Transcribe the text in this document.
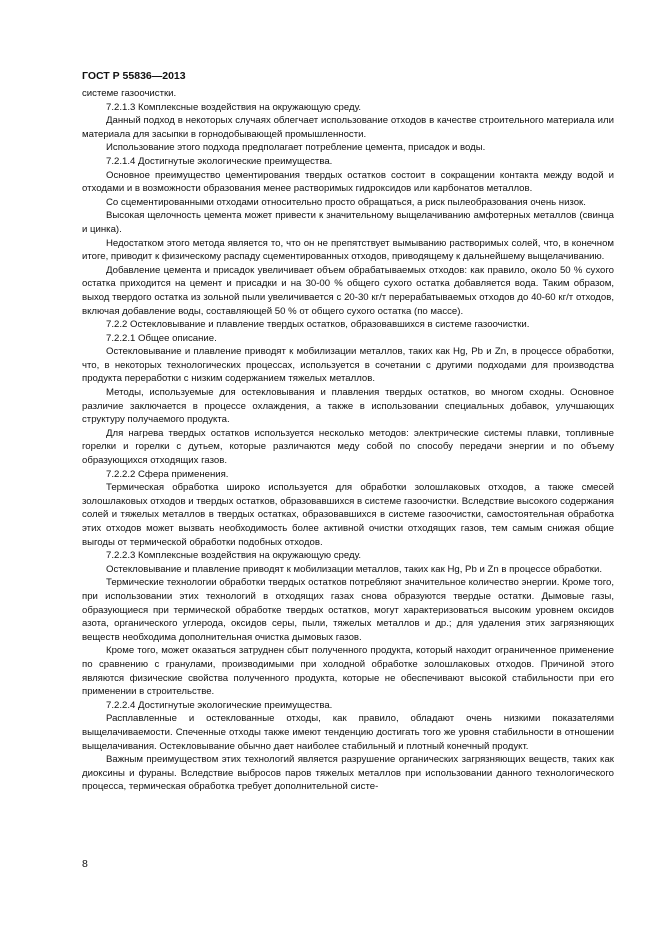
ГОСТ Р 55836—2013

системе газоочистки.

7.2.1.3 Комплексные воздействия на окружающую среду.

Данный подход в некоторых случаях облегчает использование отходов в качестве строительного материала или материала для засыпки в горнодобывающей промышленности.

Использование этого подхода предполагает потребление цемента, присадок и воды.

7.2.1.4 Достигнутые экологические преимущества.

Основное преимущество цементирования твердых остатков состоит в сокращении контакта между водой и отходами и в возможности образования менее растворимых гидроксидов или карбонатов металлов.

Со сцементированными отходами относительно просто обращаться, а риск пылеобразования очень низок.

Высокая щелочность цемента может привести к значительному выщелачиванию амфотерных металлов (свинца и цинка).

Недостатком этого метода является то, что он не препятствует вымыванию растворимых солей, что, в конечном итоге, приводит к физическому распаду сцементированных отходов, приводящему к дальнейшему выщелачиванию.

Добавление цемента и присадок увеличивает объем обрабатываемых отходов: как правило, около 50 % сухого остатка приходится на цемент и присадки и на 30-00 % общего сухого остатка добавляется вода. Таким образом, выход твердого остатка из зольной пыли увеличивается с 20-30 кг/т перерабатываемых отходов до 40-60 кг/т отходов, включая добавление воды, составляющей 50 % от общего сухого остатка (по массе).

7.2.2 Остекловывание и плавление твердых остатков, образовавшихся в системе газоочистки.

7.2.2.1 Общее описание.

Остекловывание и плавление приводят к мобилизации металлов, таких как Hg, Pb и Zn, в процессе обработки, что, в некоторых технологических процессах, используется в сочетании с другими подходами для производства продукта переработки с низким содержанием тяжелых металлов.

Методы, используемые для остекловывания и плавления твердых остатков, во многом сходны. Основное различие заключается в процессе охлаждения, а также в использовании специальных добавок, улучшающих структуру получаемого продукта.

Для нагрева твердых остатков используется несколько методов: электрические системы плавки, топливные горелки и горелки с дутьем, которые различаются меду собой по способу передачи энергии и по объему образующихся отходящих газов.

7.2.2.2 Сфера применения.

Термическая обработка широко используется для обработки золошлаковых отходов, а также смесей золошлаковых отходов и твердых остатков, образовавшихся в системе газоочистки. Вследствие высокого содержания солей и тяжелых металлов в твердых остатках, образовавшихся в системе газоочистки, самостоятельная обработка этих отходов может вызвать необходимость более активной очистки отходящих газов, тем самым снижая общие выгоды от термической обработки подобных отходов.

7.2.2.3 Комплексные воздействия на окружающую среду.

Остекловывание и плавление приводят к мобилизации металлов, таких как Hg, Pb и Zn в процессе обработки.

Термические технологии обработки твердых остатков потребляют значительное количество энергии. Кроме того, при использовании этих технологий в отходящих газах снова образуются твердые остатки. Дымовые газы, образующиеся при термической обработке твердых остатков, могут характеризоваться высоким уровнем оксидов азота, органического углерода, оксидов серы, пыли, тяжелых металлов и др.; для удаления этих загрязняющих веществ необходима дополнительная очистка дымовых газов.

Кроме того, может оказаться затруднен сбыт полученного продукта, который находит ограниченное применение по сравнению с гранулами, производимыми при холодной обработке золошлаковых отходов. Причиной этого являются физические свойства полученного продукта, которые не обеспечивают высокой стабильности при его применении в строительстве.

7.2.2.4 Достигнутые экологические преимущества.

Расплавленные и остеклованные отходы, как правило, обладают очень низкими показателями выщелачиваемости. Спеченные отходы также имеют тенденцию достигать того же уровня стабильности в отношении выщелачивания. Остекловывание обычно дает наиболее стабильный и плотный конечный продукт.

Важным преимуществом этих технологий является разрушение органических загрязняющих веществ, таких как диоксины и фураны. Вследствие выбросов паров тяжелых металлов при использовании данного технологического процесса, термическая обработка требует дополнительной систе-

8
